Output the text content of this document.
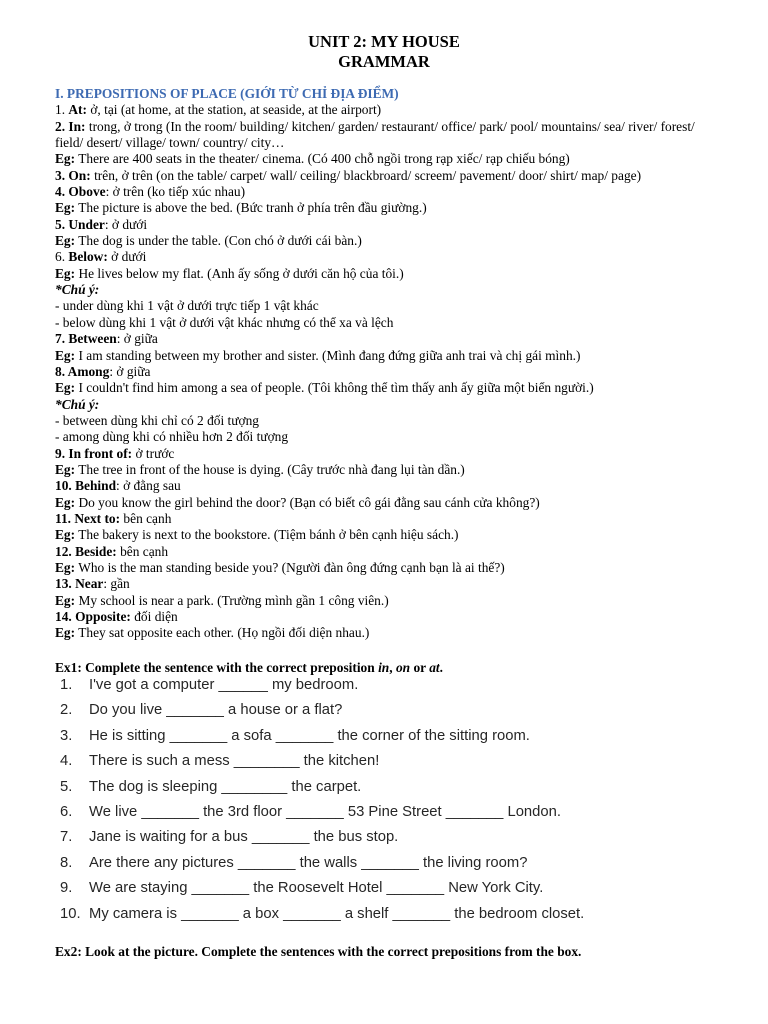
UNIT 2: MY HOUSE
GRAMMAR
I. PREPOSITIONS OF PLACE (GIỚI TỪ CHỈ ĐỊA ĐIỂM)
1. At: ở, tại (at home, at the station, at seaside, at the airport)
2. In: trong, ở trong (In the room/ building/ kitchen/ garden/ restaurant/ office/ park/ pool/ mountains/ sea/ river/ forest/ field/ desert/ village/ town/ country/ city…
Eg: There are 400 seats in the theater/ cinema. (Có 400 chỗ ngồi trong rạp xiếc/ rạp chiếu bóng)
3. On: trên, ở trên (on the table/ carpet/ wall/ ceiling/ blackbroard/ screem/ pavement/ door/ shirt/ map/ page)
4. Obove: ở trên (ko tiếp xúc nhau)
Eg: The picture is above the bed. (Bức tranh ở phía trên đầu giường.)
5. Under: ở dưới
Eg: The dog is under the table. (Con chó ở dưới cái bàn.)
6. Below: ở dưới
Eg: He lives below my flat. (Anh ấy sống ở dưới căn hộ của tôi.)
*Chú ý:
- under dùng khi 1 vật ở dưới trực tiếp 1 vật khác
- below dùng khi 1 vật ở dưới vật khác nhưng có thể xa và lệch
7. Between: ở giữa
Eg: I am standing between my brother and sister. (Mình đang đứng giữa anh trai và chị gái mình.)
8. Among: ở giữa
Eg: I couldn't find him among a sea of people. (Tôi không thể tìm thấy anh ấy giữa một biển người.)
*Chú ý:
- between dùng khi chỉ có 2 đối tượng
- among dùng khi có nhiều hơn 2 đối tượng
9. In front of: ở trước
Eg: The tree in front of the house is dying. (Cây trước nhà đang lụi tàn dần.)
10. Behind: ở đằng sau
Eg: Do you know the girl behind the door? (Bạn có biết cô gái đằng sau cánh cửa không?)
11. Next to: bên cạnh
Eg: The bakery is next to the bookstore. (Tiệm bánh ở bên cạnh hiệu sách.)
12. Beside: bên cạnh
Eg: Who is the man standing beside you? (Người đàn ông đứng cạnh bạn là ai thế?)
13. Near: gần
Eg: My school is near a park. (Trường mình gần 1 công viên.)
14. Opposite: đối diện
Eg: They sat opposite each other. (Họ ngồi đối diện nhau.)
Ex1: Complete the sentence with the correct preposition in, on or at.
1. I've got a computer ______ my bedroom.
2. Do you live _______ a house or a flat?
3. He is sitting _______ a sofa _______ the corner of the sitting room.
4. There is such a mess ________ the kitchen!
5. The dog is sleeping ________ the carpet.
6. We live _______ the 3rd floor _______ 53 Pine Street _______ London.
7. Jane is waiting for a bus _______ the bus stop.
8. Are there any pictures _______ the walls _______ the living room?
9. We are staying _______ the Roosevelt Hotel _______ New York City.
10. My camera is _______ a box _______ a shelf _______ the bedroom closet.
Ex2: Look at the picture. Complete the sentences with the correct prepositions from the box.
